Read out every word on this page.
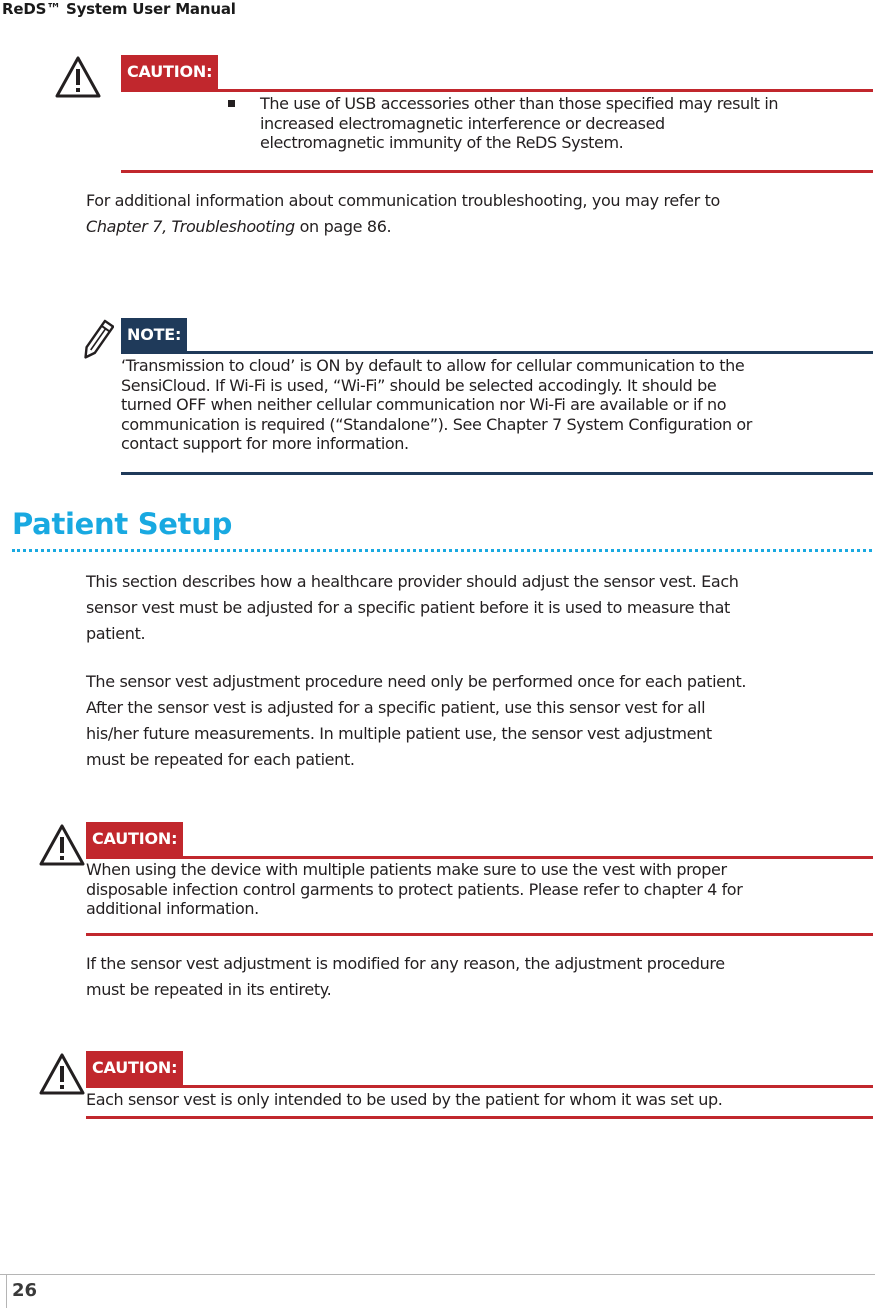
ReDS™ System User Manual
CAUTION:
The use of USB accessories other than those specified may result in
increased electromagnetic interference or decreased
electromagnetic immunity of the ReDS System.
For additional information about communication troubleshooting, you may refer to
Chapter 7, Troubleshooting on page 86.
NOTE:
‘Transmission to cloud’ is ON by default to allow for cellular communication to the
SensiCloud. If Wi-Fi is used, “Wi-Fi” should be selected accodingly. It should be
turned OFF when neither cellular communication nor Wi-Fi are available or if no
communication is required (“Standalone”). See Chapter 7 System Configuration or
contact support for more information.
Patient Setup
This section describes how a healthcare provider should adjust the sensor vest. Each
sensor vest must be adjusted for a specific patient before it is used to measure that
patient.
The sensor vest adjustment procedure need only be performed once for each patient.
After the sensor vest is adjusted for a specific patient, use this sensor vest for all
his/her future measurements. In multiple patient use, the sensor vest adjustment
must be repeated for each patient.
CAUTION:
When using the device with multiple patients make sure to use the vest with proper
disposable infection control garments to protect patients. Please refer to chapter 4 for
additional information.
If the sensor vest adjustment is modified for any reason, the adjustment procedure
must be repeated in its entirety.
CAUTION:
Each sensor vest is only intended to be used by the patient for whom it was set up.
26
